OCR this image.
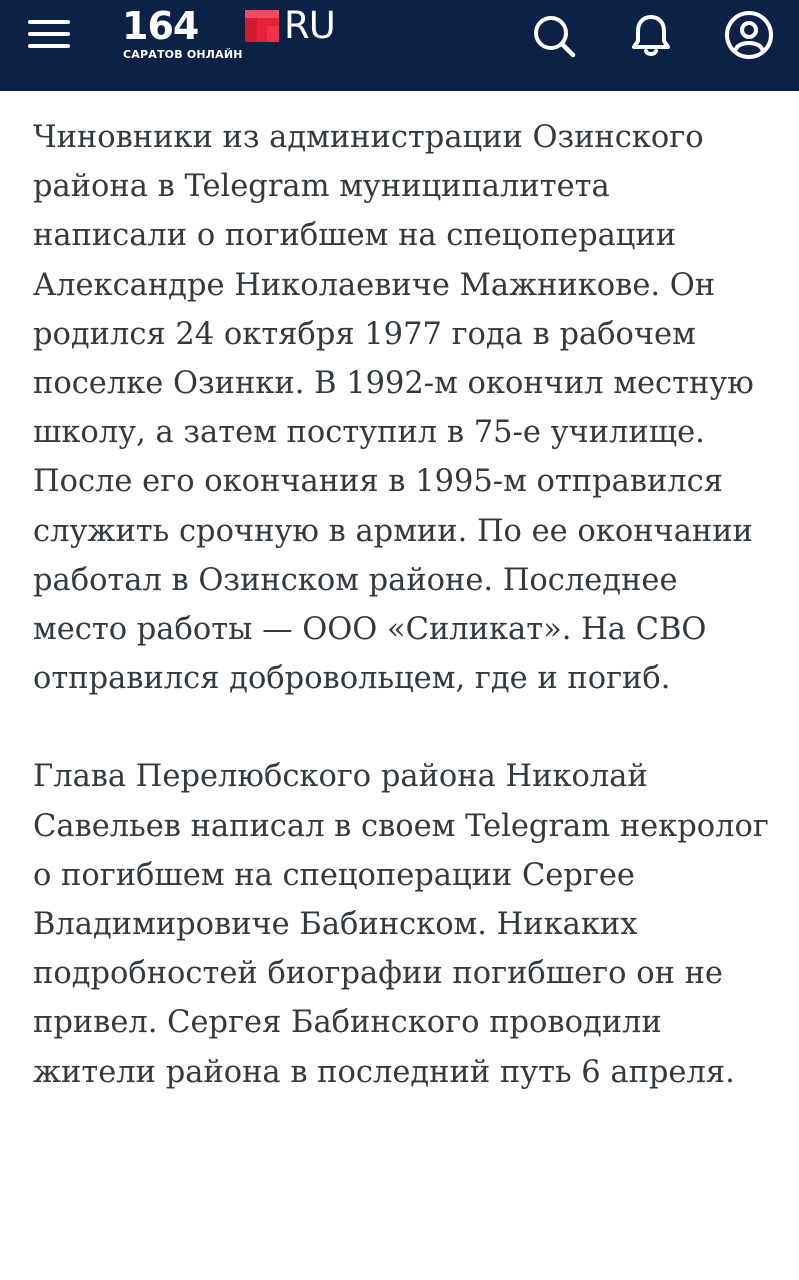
164 RU
САРАТОВ ОНЛАЙН

Чиновники из администрации Озинского района в Telegram муниципалитета написали о погибшем на спецоперации Александре Николаевиче Мажникове. Он родился 24 октября 1977 года в рабочем поселке Озинки. В 1992-м окончил местную школу, а затем поступил в 75-е училище. После его окончания в 1995-м отправился служить срочную в армии. По ее окончании работал в Озинском районе. Последнее место работы — ООО «Силикат». На СВО отправился добровольцем, где и погиб.

Глава Перелюбского района Николай Савельев написал в своем Telegram некролог о погибшем на спецоперации Сергее Владимировиче Бабинском. Никаких подробностей биографии погибшего он не привел. Сергея Бабинского проводили жители района в последний путь 6 апреля.
